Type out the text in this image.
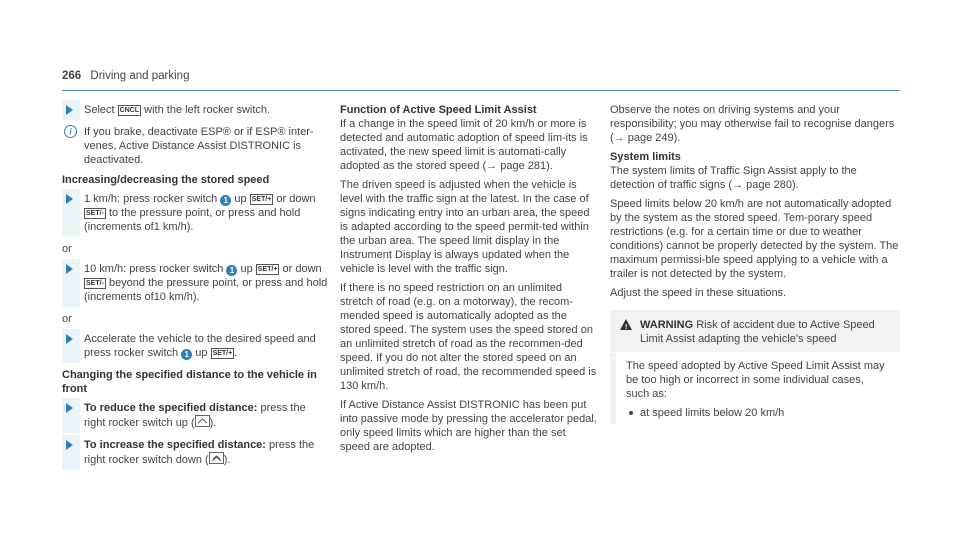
266 Driving and parking
Select CNCL with the left rocker switch.
i	If you brake, deactivate ESP® or if ESP® inter-venes, Active Distance Assist DISTRONIC is deactivated.
Increasing/decreasing the stored speed
1 km/h: press rocker switch 1 up SET/+ or down SET/- to the pressure point, or press and hold (increments of1 km/h).
or
10 km/h: press rocker switch 1 up SET/+ or down SET/- beyond the pressure point, or press and hold (increments of10 km/h).
or
Accelerate the vehicle to the desired speed and press rocker switch 1 up SET/+ .
Changing the specified distance to the vehicle in front
To reduce the specified distance: press the right rocker switch up ( ).
To increase the specified distance: press the right rocker switch down ( ).
Function of Active Speed Limit Assist

If a change in the speed limit of 20 km/h or more is detected and automatic adoption of speed lim-its is activated, the new speed limit is automati-cally adopted as the stored speed (→ page 281).

The driven speed is adjusted when the vehicle is level with the traffic sign at the latest. In the case of signs indicating entry into an urban area, the speed is adapted according to the speed permit-ted within the urban area. The speed limit display in the Instrument Display is always updated when the vehicle is level with the traffic sign.

If there is no speed restriction on an unlimited stretch of road (e.g. on a motorway), the recom-mended speed is automatically adopted as the stored speed. The system uses the speed stored on an unlimited stretch of road as the recommen-ded speed. If you do not alter the stored speed on an unlimited stretch of road, the recommended speed is 130 km/h.

If Active Distance Assist DISTRONIC has been put into passive mode by pressing the accelerator pedal, only speed limits which are higher than the set speed are adopted.

Observe the notes on driving systems and your responsibility; you may otherwise fail to recognise dangers (→ page 249).

System limits

The system limits of Traffic Sign Assist apply to the detection of traffic signs (→ page 280).

Speed limits below 20 km/h are not automatically adopted by the system as the stored speed. Tem-porary speed restrictions (e.g. for a certain time or due to weather conditions) cannot be properly detected by the system. The maximum permissi-ble speed applying to a vehicle with a trailer is not detected by the system.

Adjust the speed in these situations.

! WARNING Risk of accident due to Active Speed Limit Assist adapting the vehicle's speed

The speed adopted by Active Speed Limit Assist may be too high or incorrect in some individual cases, such as:

at speed limits below 20 km/h
